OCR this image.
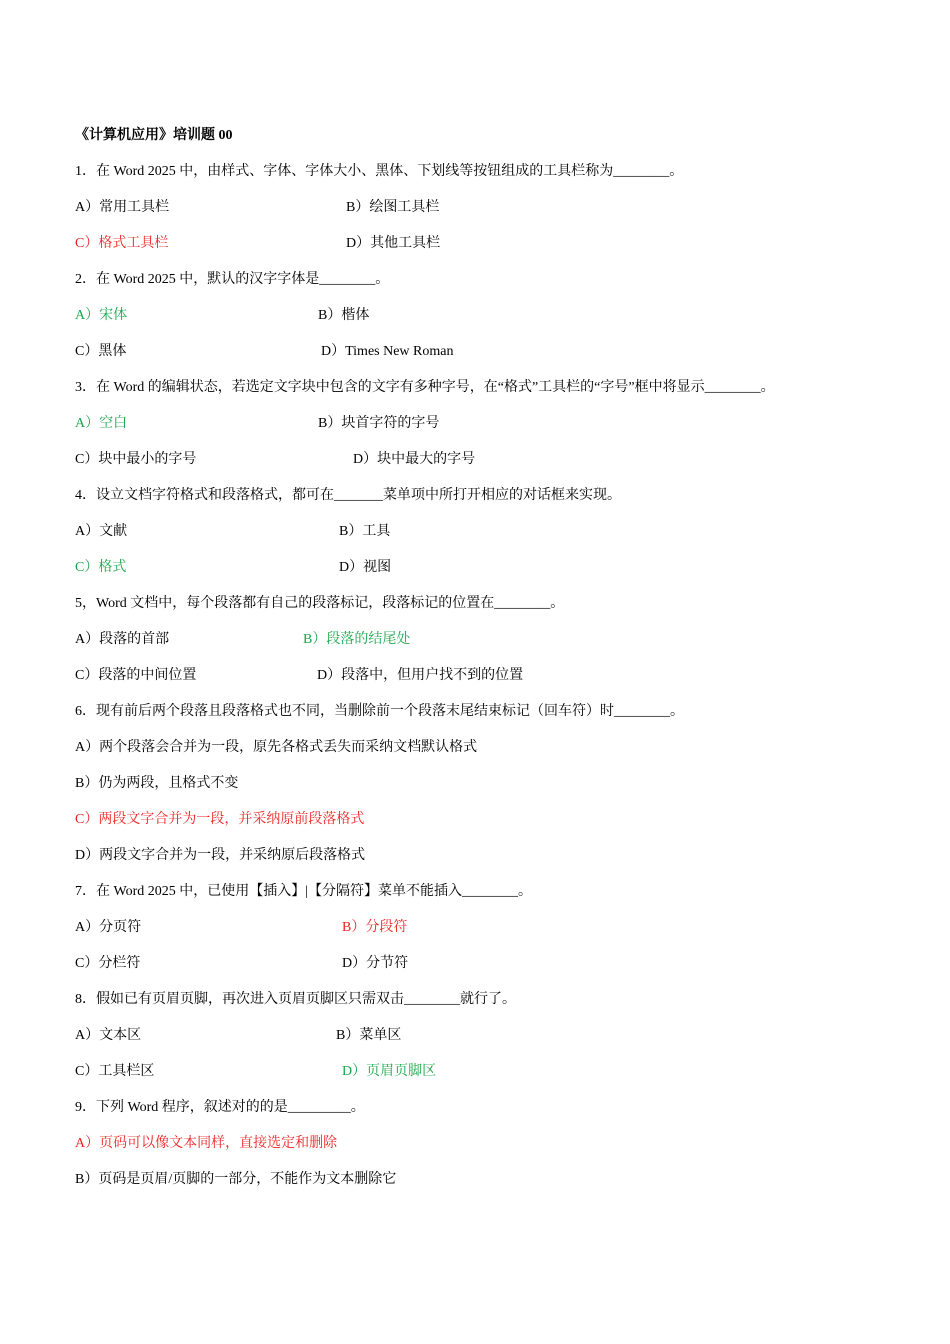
《计算机应用》培训题 00
1．在 Word 2025 中，由样式、字体、字体大小、黑体、下划线等按钮组成的工具栏称为________。
A）常用工具栏	B）绘图工具栏
C）格式工具栏	D）其他工具栏
2．在 Word 2025 中，默认的汉字字体是________。
A）宋体	B）楷体
C）黑体	D）Times New Roman
3．在 Word 的编辑状态，若选定文字块中包含的文字有多种字号，在“格式”工具栏的“字号”框中将显示________。
A）空白	B）块首字符的字号
C）块中最小的字号	D）块中最大的字号
4．设立文档字符格式和段落格式，都可在_______菜单项中所打开相应的对话框来实现。
A）文献	B）工具
C）格式	D）视图
5，Word 文档中，每个段落都有自己的段落标记，段落标记的位置在________。
A）段落的首部	B）段落的结尾处
C）段落的中间位置	D）段落中，但用户找不到的位置
6．现有前后两个段落且段落格式也不同，当删除前一个段落末尾结束标记（回车符）时________。
A）两个段落会合并为一段，原先各格式丢失而采纳文档默认格式
B）仍为两段，且格式不变
C）两段文字合并为一段，并采纳原前段落格式
D）两段文字合并为一段，并采纳原后段落格式
7．在 Word 2025 中，已使用【插入】|【分隔符】菜单不能插入________。
A）分页符	B）分段符
C）分栏符	D）分节符
8．假如已有页眉页脚，再次进入页眉页脚区只需双击________就行了。
A）文本区	B）菜单区
C）工具栏区	D）页眉页脚区
9．下列 Word 程序，叙述对的的是_________。
A）页码可以像文本同样，直接选定和删除
B）页码是页眉/页脚的一部分，不能作为文本删除它
